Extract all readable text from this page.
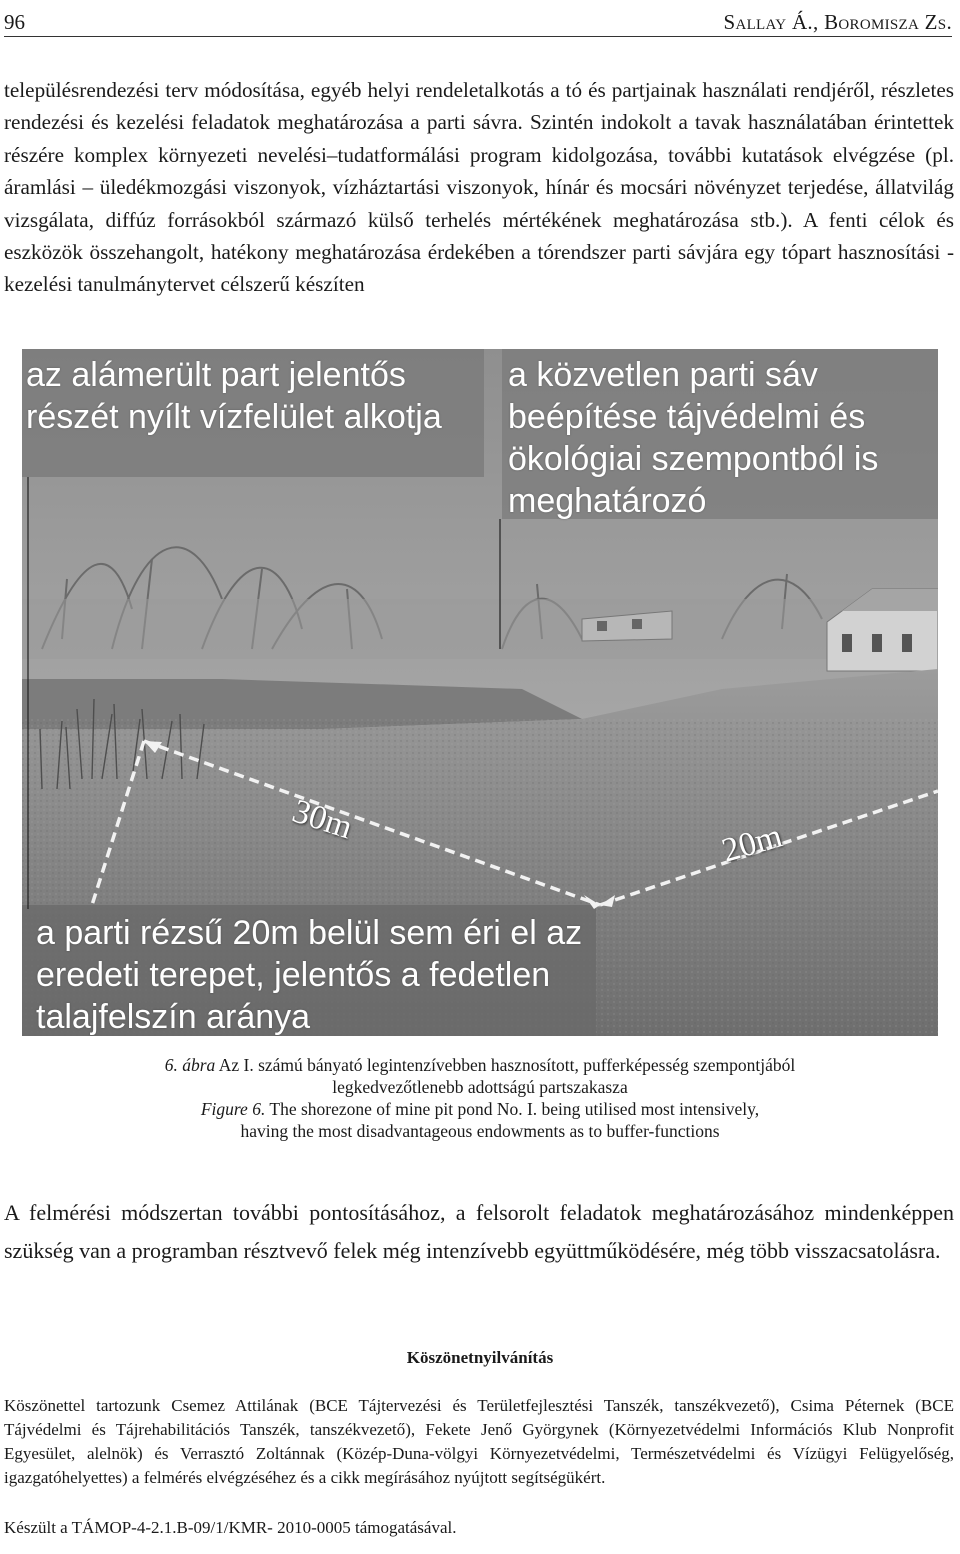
96	Sallay Á., Boromisza Zs.

településrendezési terv módosítása, egyéb helyi rendeletalkotás a tó és partjainak használati rendjéről, részletes rendezési és kezelési feladatok meghatározása a parti sávra. Szintén indokolt a tavak használatában érintettek részére komplex környezeti nevelési–tudatformálási program kidolgozása, további kutatások elvégzése (pl. áramlási – üledékmozgási viszonyok, vízháztartási viszonyok, hínár és mocsári növényzet terjedése, állatvilág vizsgálata, diffúz forrásokból származó külső terhelés mértékének meghatározása stb.). A fenti célok és eszközök összehangolt, hatékony meghatározása érdekében a tórendszer parti sávjára egy tópart hasznosítási - kezelési tanulmánytervet célszerű készíten

az alámerült part jelentős részét nyílt vízfelület alkotja

a közvetlen parti sáv beépítése tájvédelmi és ökológiai szempontból is meghatározó

a parti rézsű 20m belül sem éri el az eredeti terepet, jelentős a fedetlen talajfelszín aránya

30m	20m
6. ábra Az I. számú bányató legintenzívebben hasznosított, pufferképesség szempontjából
legkedvezőtlenebb adottságú partszakasza
Figure 6. The shorezone of mine pit pond No. I. being utilised most intensively,
having the most disadvantageous endowments as to buffer-functions

A felmérési módszertan további pontosításához, a felsorolt feladatok meghatározásához mindenképpen szükség van a programban résztvevő felek még intenzívebb együttműködésére, még több visszacsatolásra.

Köszönetnyilvánítás

Köszönettel tartozunk Csemez Attilának (BCE Tájtervezési és Területfejlesztési Tanszék, tanszékvezető), Csima Péternek (BCE Tájvédelmi és Tájrehabilitációs Tanszék, tanszékvezető), Fekete Jenő Györgynek (Környezetvédelmi Információs Klub Nonprofit Egyesület, alelnök) és Verrasztó Zoltánnak (Közép-Duna-völgyi Környezetvédelmi, Természetvédelmi és Vízügyi Felügyelőség, igazgatóhelyettes) a felmérés elvégzéséhez és a cikk megírásához nyújtott segítségükért.

Készült a TÁMOP-4-2.1.B-09/1/KMR- 2010-0005 támogatásával.
